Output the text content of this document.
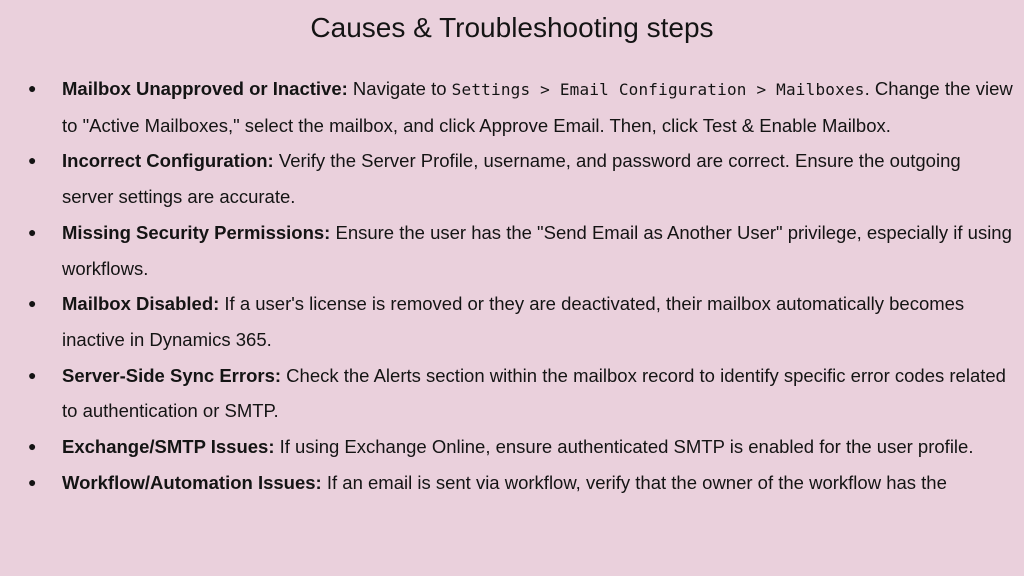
Causes & Troubleshooting steps
● Mailbox Unapproved or Inactive: Navigate to Settings > Email Configuration > Mailboxes. Change the view to "Active Mailboxes," select the mailbox, and click Approve Email. Then, click Test & Enable Mailbox.
● Incorrect Configuration: Verify the Server Profile, username, and password are correct. Ensure the outgoing server settings are accurate.
● Missing Security Permissions: Ensure the user has the "Send Email as Another User" privilege, especially if using workflows.
● Mailbox Disabled: If a user's license is removed or they are deactivated, their mailbox automatically becomes inactive in Dynamics 365.
● Server-Side Sync Errors: Check the Alerts section within the mailbox record to identify specific error codes related to authentication or SMTP.
● Exchange/SMTP Issues: If using Exchange Online, ensure authenticated SMTP is enabled for the user profile.
● Workflow/Automation Issues: If an email is sent via workflow, verify that the owner of the workflow has the
